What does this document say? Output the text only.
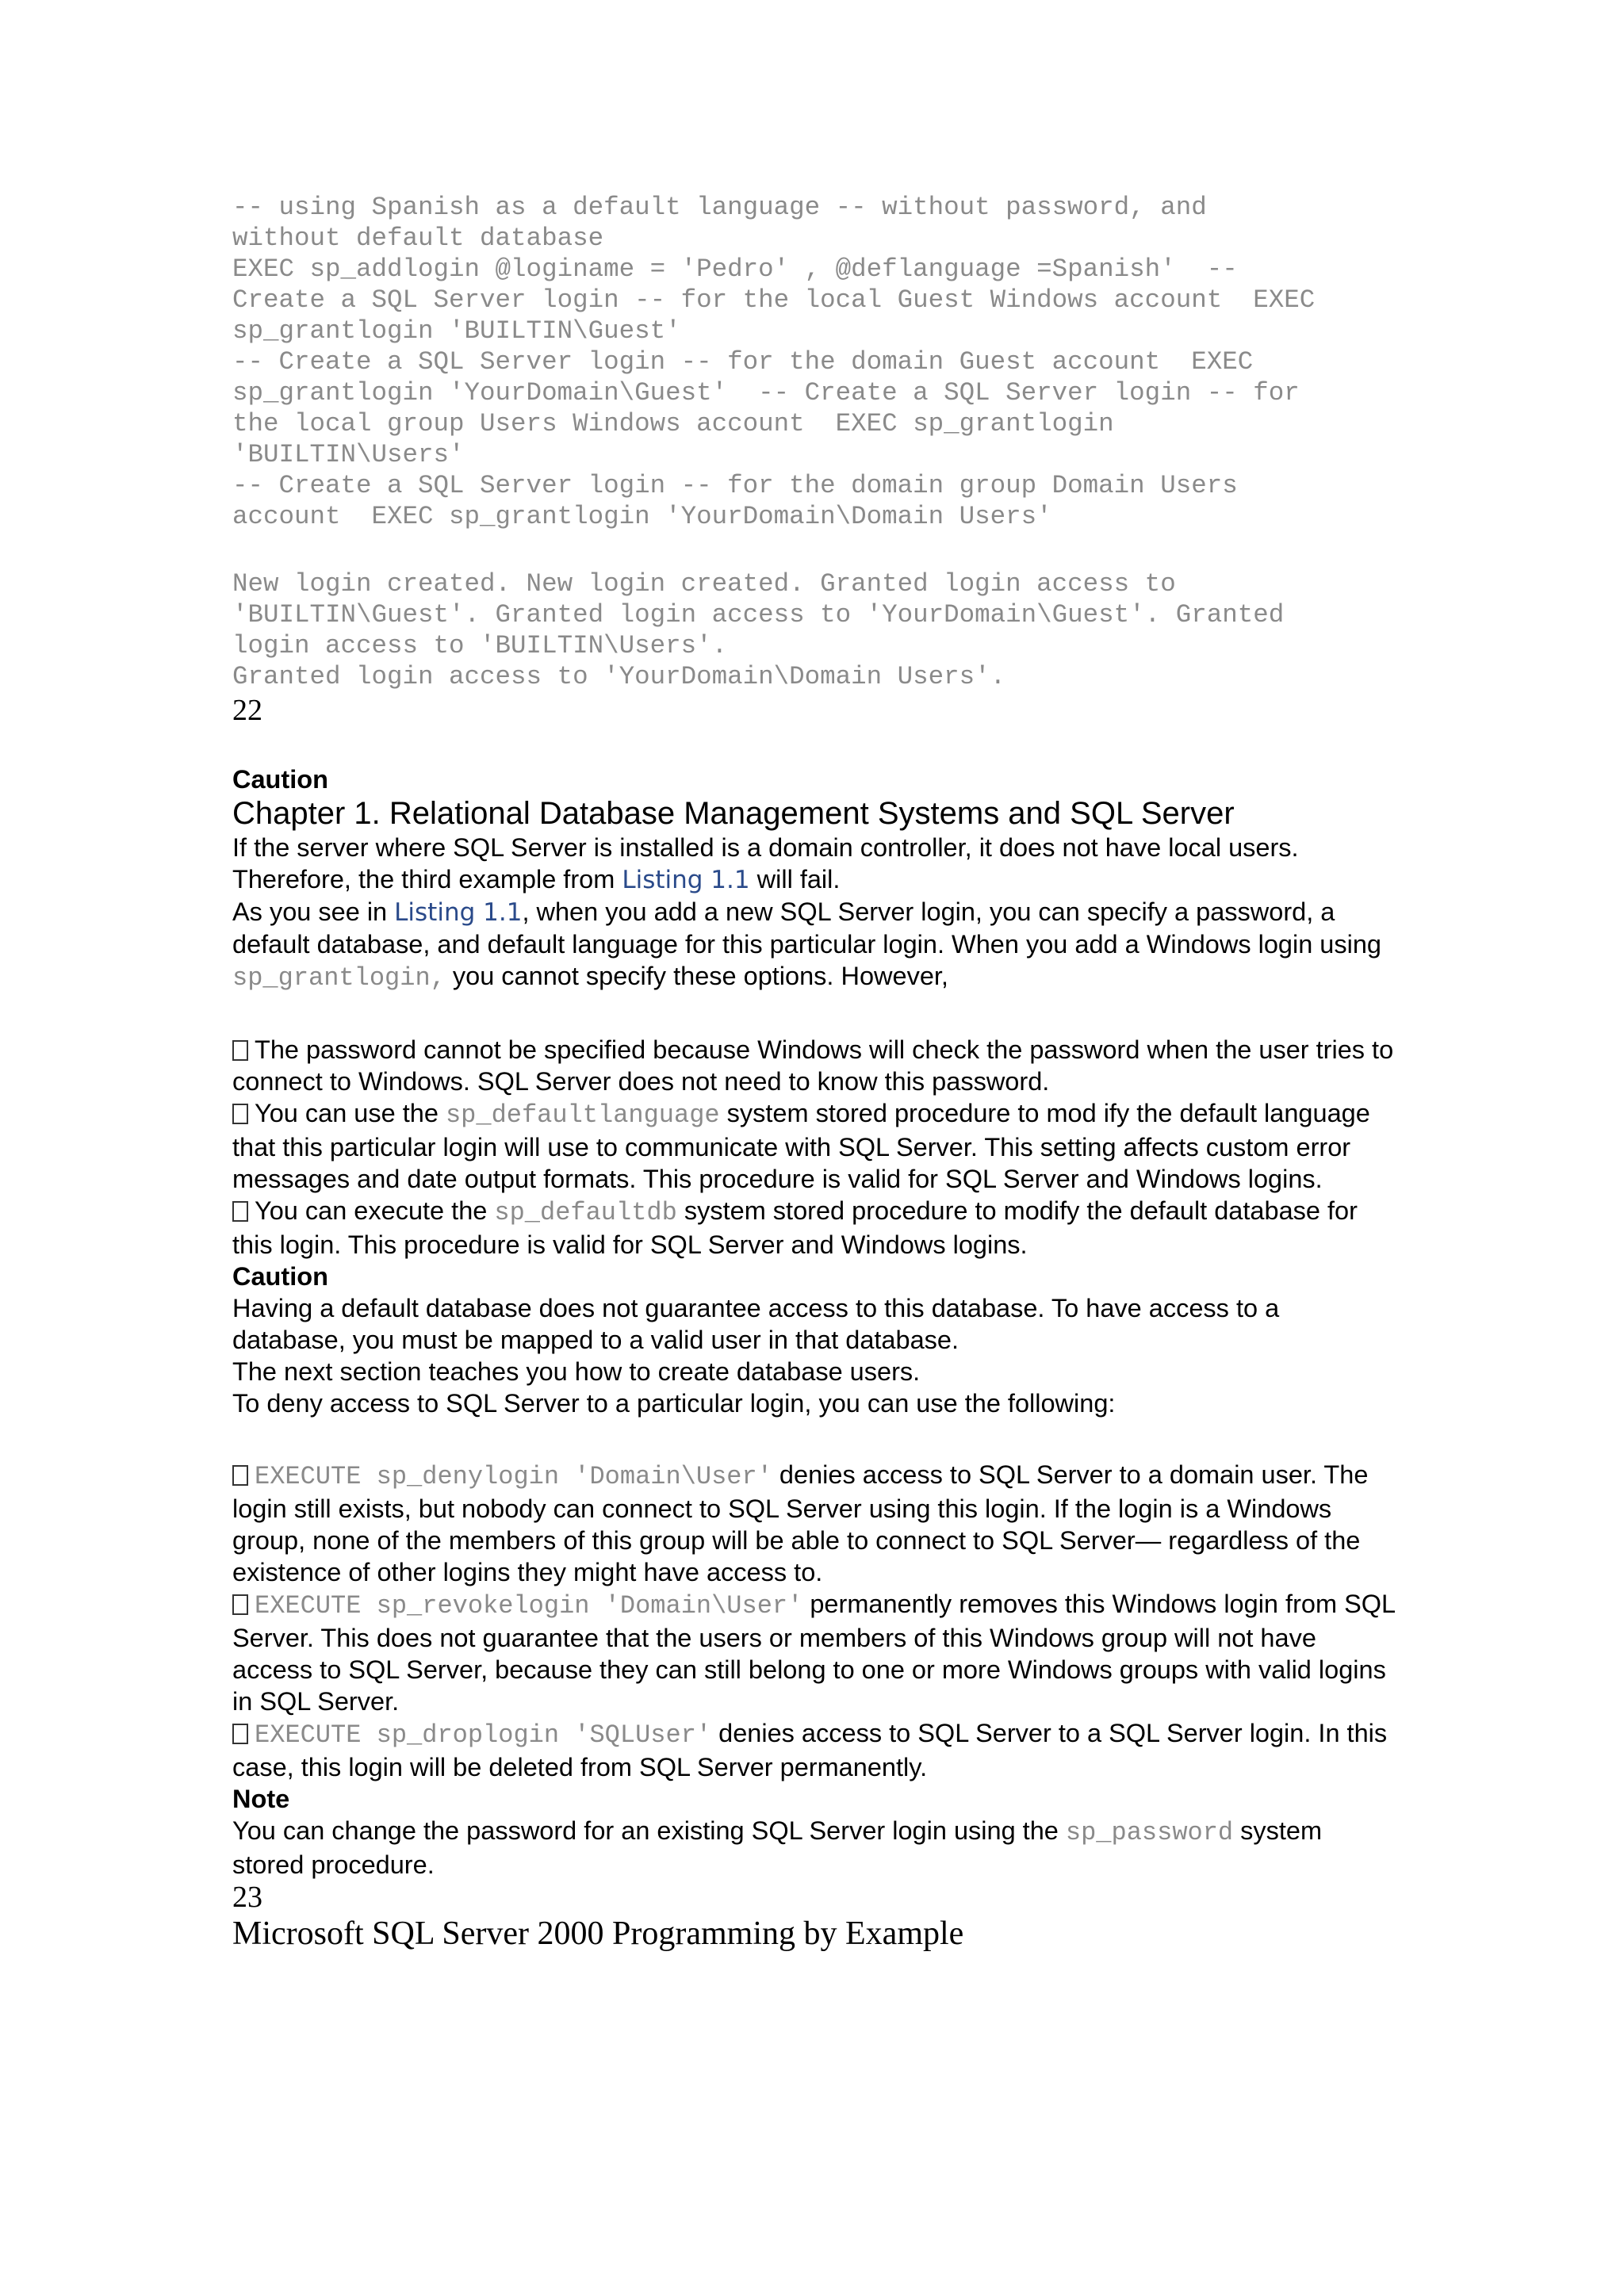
-- using Spanish as a default language -- without password, and
without default database
EXEC sp_addlogin @loginame = 'Pedro' , @deflanguage =Spanish'  --
Create a SQL Server login -- for the local Guest Windows account  EXEC
sp_grantlogin 'BUILTIN\Guest'
-- Create a SQL Server login -- for the domain Guest account  EXEC
sp_grantlogin 'YourDomain\Guest'  -- Create a SQL Server login -- for
the local group Users Windows account  EXEC sp_grantlogin
'BUILTIN\Users'
-- Create a SQL Server login -- for the domain group Domain Users
account  EXEC sp_grantlogin 'YourDomain\Domain Users'
New login created. New login created. Granted login access to
'BUILTIN\Guest'. Granted login access to 'YourDomain\Guest'. Granted
login access to 'BUILTIN\Users'.
Granted login access to 'YourDomain\Domain Users'.
22

Caution

Chapter 1. Relational Database Management Systems and SQL Server

If the server where SQL Server is installed is a domain controller, it does not have local users. Therefore, the third example from Listing 1.1 will fail.

As you see in Listing 1.1, when you add a new SQL Server login, you can specify a password, a default database, and default language for this particular login. When you add a Windows login using
sp_grantlogin, you cannot specify these options. However,

The password cannot be specified because Windows will check the password when the user tries to connect to Windows. SQL Server does not need to know this password.

You can use the sp_defaultlanguage system stored procedure to mod ify the default language that this particular login will use to communicate with SQL Server. This setting affects custom error messages and date output formats. This procedure is valid for SQL Server and Windows logins.

You can execute the sp_defaultdb system stored procedure to modify the default database for this login. This procedure is valid for SQL Server and Windows logins.

Caution

Having a default database does not guarantee access to this database. To have access to a database, you must be mapped to a valid user in that database.

The next section teaches you how to create database users.

To deny access to SQL Server to a particular login, you can use the following:

EXECUTE sp_denylogin 'Domain\User' denies access to SQL Server to a domain user. The login still exists, but nobody can connect to SQL Server using this login. If the login is a Windows
group, none of the members of this group will be able to connect to SQL Server— regardless of the existence of other logins they might have access to.

EXECUTE sp_revokelogin 'Domain\User' permanently removes this Windows login from SQL Server. This does not guarantee that the users or members of this Windows group will not have
access to SQL Server, because they can still belong to one or more Windows groups with valid logins in SQL Server.

EXECUTE sp_droplogin 'SQLUser' denies access to SQL Server to a SQL Server login. In this case, this login will be deleted from SQL Server permanently.

Note

You can change the password for an existing SQL Server login using the sp_password system stored procedure.

23
Microsoft SQL Server 2000 Programming by Example
